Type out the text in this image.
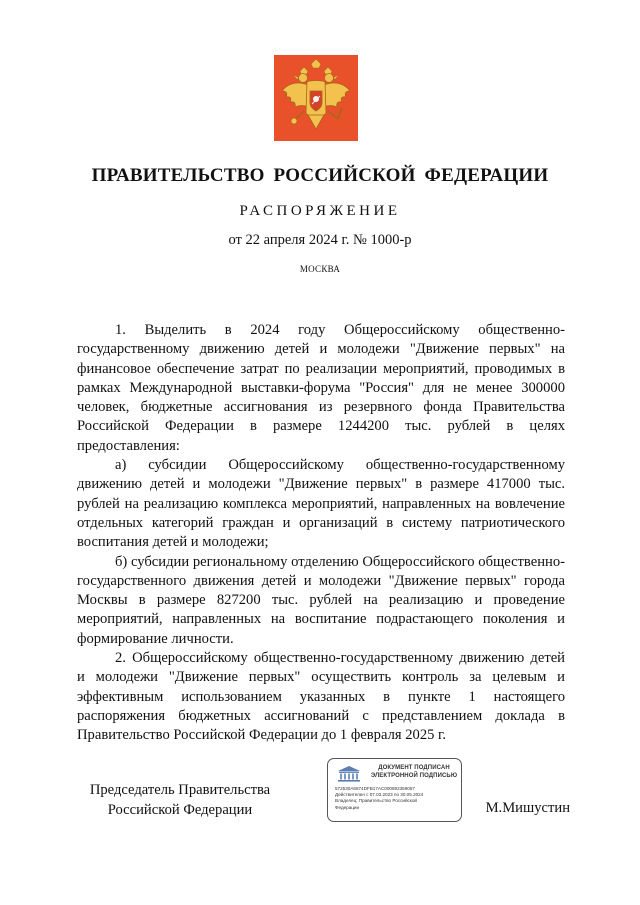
ПРАВИТЕЛЬСТВО РОССИЙСКОЙ ФЕДЕРАЦИИ
РАСПОРЯЖЕНИЕ
от 22 апреля 2024 г. № 1000-р
МОСКВА

1. Выделить в 2024 году Общероссийскому общественно-государственному движению детей и молодежи "Движение первых" на финансовое обеспечение затрат по реализации мероприятий, проводимых в рамках Международной выставки-форума "Россия" для не менее 300000 человек, бюджетные ассигнования из резервного фонда Правительства Российской Федерации в размере 1244200 тыс. рублей в целях предоставления:

а) субсидии Общероссийскому общественно-государственному движению детей и молодежи "Движение первых" в размере 417000 тыс. рублей на реализацию комплекса мероприятий, направленных на вовлечение отдельных категорий граждан и организаций в систему патриотического воспитания детей и молодежи;

б) субсидии региональному отделению Общероссийского общественно-государственного движения детей и молодежи "Движение первых" города Москвы в размере 827200 тыс. рублей на реализацию и проведение мероприятий, направленных на воспитание подрастающего поколения и формирование личности.

2. Общероссийскому общественно-государственному движению детей и молодежи "Движение первых" осуществить контроль за целевым и эффективным использованием указанных в пункте 1 настоящего распоряжения бюджетных ассигнований с представлением доклада в Правительство Российской Федерации до 1 февраля 2025 г.

Председатель Правительства
Российской Федерации
ДОКУМЕНТ ПОДПИСАН
ЭЛЕКТРОННОЙ ПОДПИСЬЮ
572530A6874DFB17AC000892359057
Действителен с 07.03.2023 по 30.05.2024
Владелец: Правительство Российской
Федерации	М.Мишустин
